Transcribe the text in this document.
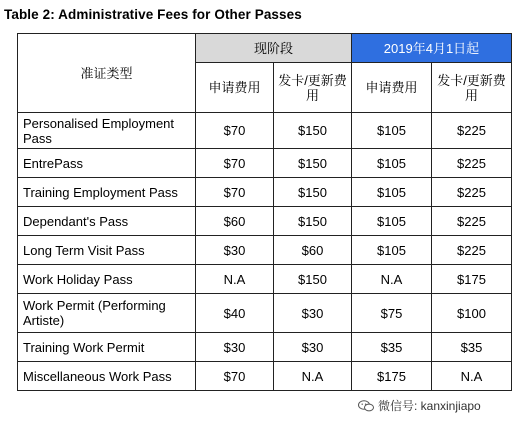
Table 2: Administrative Fees for Other Passes
准证类型	现阶段		2019年4月1日起	
	申请费用	发卡/更新费用	申请费用	发卡/更新费用
Personalised Employment Pass	$70	$150	$105	$225
EntrePass	$70	$150	$105	$225
Training Employment Pass	$70	$150	$105	$225
Dependant's Pass	$60	$150	$105	$225
Long Term Visit Pass	$30	$60	$105	$225
Work Holiday Pass	N.A	$150	N.A	$175
Work Permit (Performing Artiste)	$40	$30	$75	$100
Training Work Permit	$30	$30	$35	$35
Miscellaneous Work Pass	$70	N.A	$175	N.A
微信号: kanxinjiapo
